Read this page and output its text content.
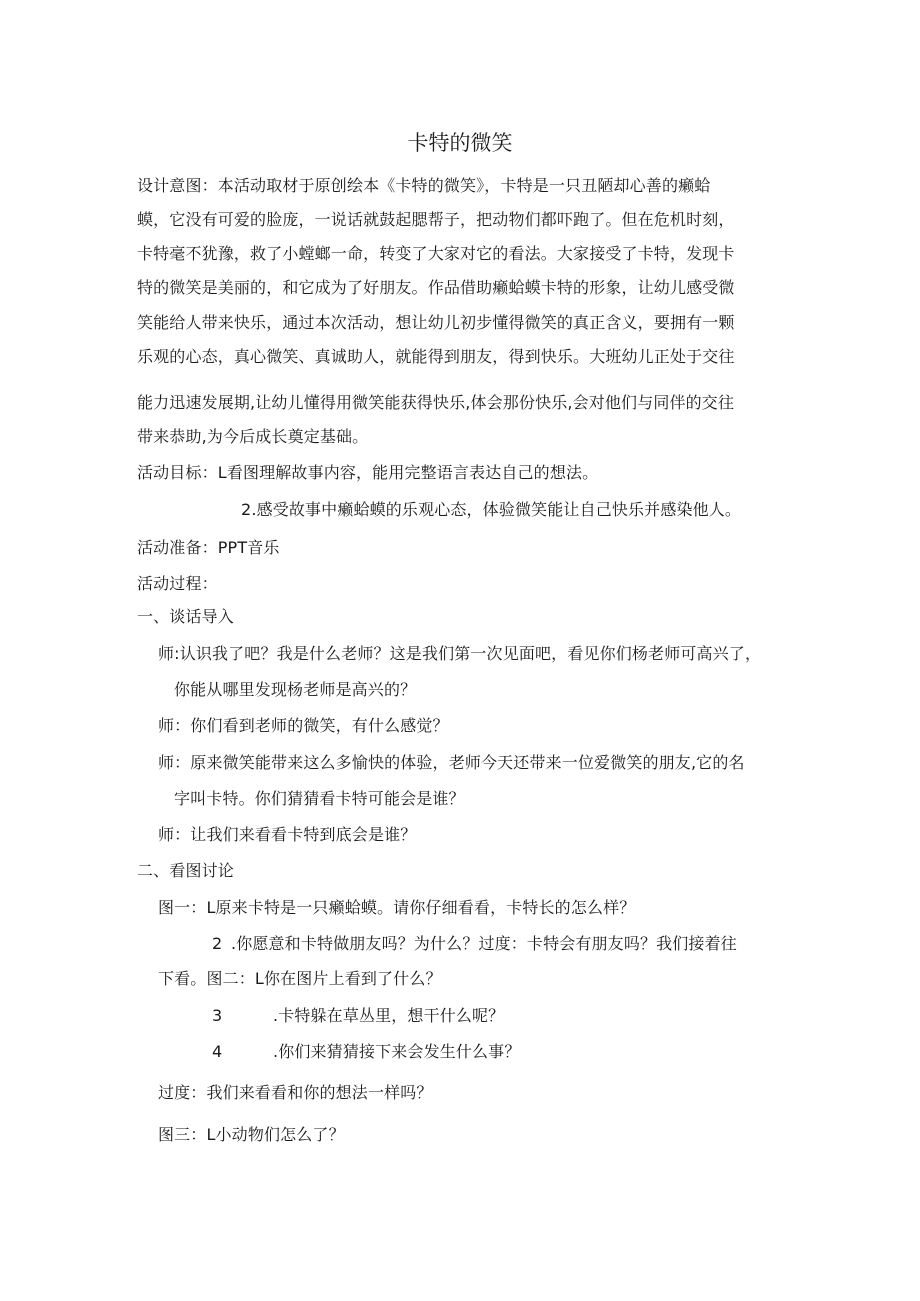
卡特的微笑
设计意图：本活动取材于原创绘本《卡特的微笑》，卡特是一只丑陋却心善的癞蛤
蟆，它没有可爱的脸庞，一说话就鼓起腮帮子，把动物们都吓跑了。但在危机时刻，
卡特毫不犹豫，救了小螳螂一命，转变了大家对它的看法。大家接受了卡特，发现卡
特的微笑是美丽的，和它成为了好朋友。作品借助癞蛤蟆卡特的形象，让幼儿感受微
笑能给人带来快乐，通过本次活动，想让幼儿初步懂得微笑的真正含义，要拥有一颗
乐观的心态，真心微笑、真诚助人，就能得到朋友，得到快乐。大班幼儿正处于交往
能力迅速发展期,让幼儿懂得用微笑能获得快乐,体会那份快乐,会对他们与同伴的交往
带来恭助,为今后成长奠定基础。
活动目标：L看图理解故事内容，能用完整语言表达自己的想法。
2.感受故事中癞蛤蟆的乐观心态，体验微笑能让自己快乐并感染他人。
活动准备：PPT音乐
活动过程：
一、谈话导入
师:认识我了吧？我是什么老师？这是我们第一次见面吧，看见你们杨老师可高兴了，
你能从哪里发现杨老师是高兴的？
师：你们看到老师的微笑，有什么感觉？
师：原来微笑能带来这么多愉快的体验，老师今天还带来一位爱微笑的朋友,它的名
字叫卡特。你们猜猜看卡特可能会是谁？
师：让我们来看看卡特到底会是谁？
二、看图讨论
图一：L原来卡特是一只癞蛤蟆。请你仔细看看，卡特长的怎么样？
2 .你愿意和卡特做朋友吗？为什么？过度：卡特会有朋友吗？我们接着往
下看。图二：L你在图片上看到了什么？
3	.卡特躲在草丛里，想干什么呢？
4	.你们来猜猜接下来会发生什么事？
过度：我们来看看和你的想法一样吗？
图三：L小动物们怎么了？
